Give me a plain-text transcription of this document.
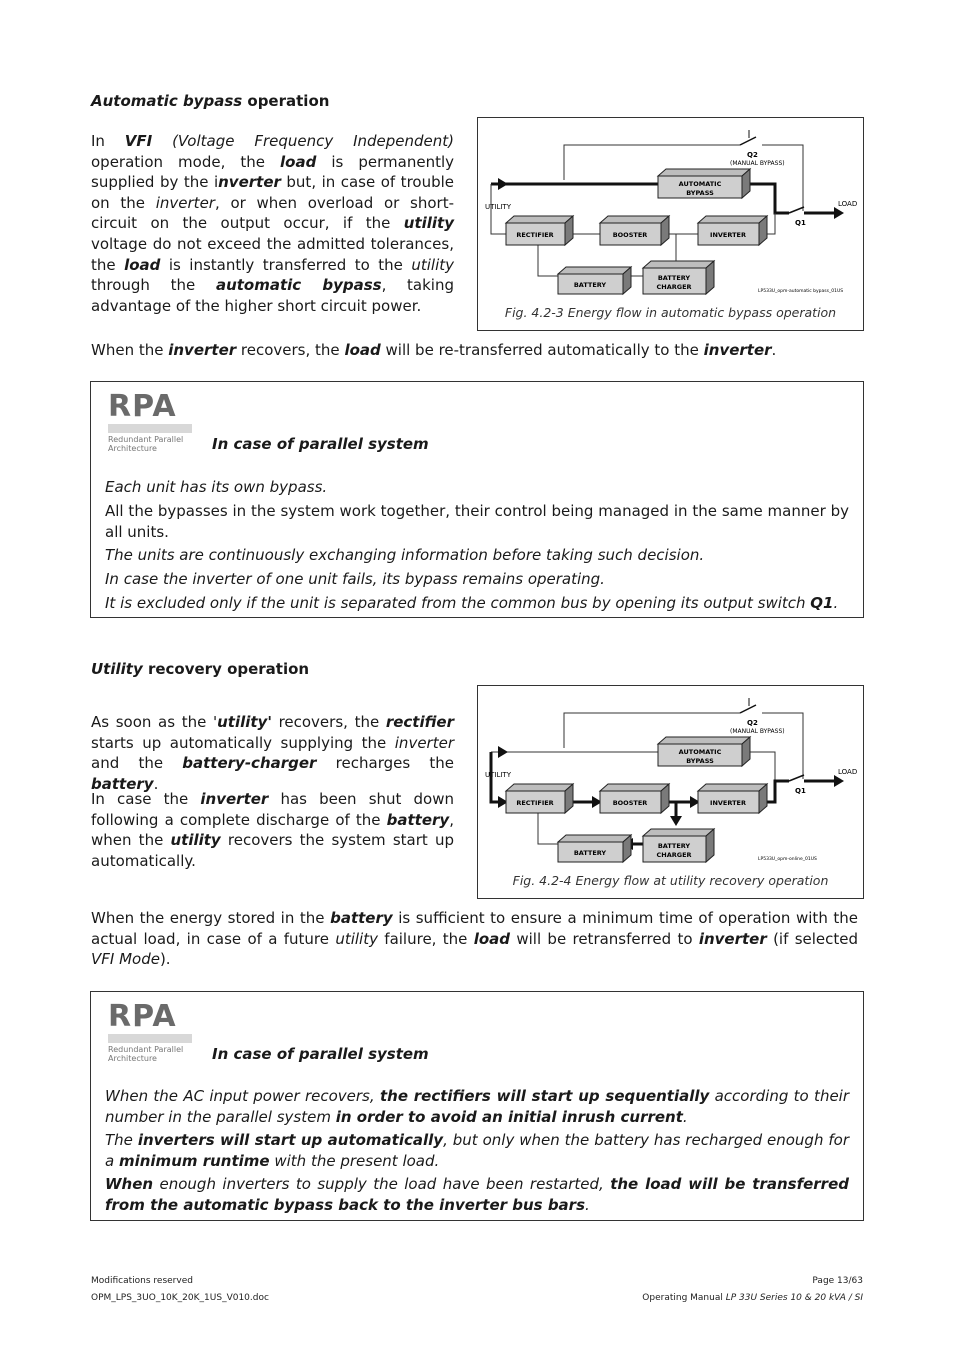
Automatic bypass operation
In VFI (Voltage Frequency Independent) operation mode, the load is permanently supplied by the inverter but, in case of trouble on the inverter, or when overload or short-circuit on the output occur, if the utility voltage do not exceed the admitted tolerances, the load is instantly transferred to the utility through the automatic bypass, taking advantage of the higher short circuit power.
Q2
(MANUAL BYPASS)
UTILITY	LOAD
Q1
AUTOMATIC
BYPASS
RECTIFIER	BOOSTER	INVERTER
BATTERY
BATTERY
CHARGER
LP533U_opm-automatic bypass_01US
Fig. 4.2-3 Energy flow in automatic bypass operation
When the inverter recovers, the load will be re-transferred automatically to the inverter.
RPA
Redundant Parallel
Architecture	In case of parallel system
Each unit has its own bypass.
All the bypasses in the system work together, their control being managed in the same manner by all units.
The units are continuously exchanging information before taking such decision.
In case the inverter of one unit fails, its bypass remains operating.
It is excluded only if the unit is separated from the common bus by opening its output switch Q1.
Utility recovery operation
As soon as the 'utility' recovers, the rectifier starts up automatically supplying the inverter and the battery-charger recharges the battery.
In case the inverter has been shut down following a complete discharge of the battery, when the utility recovers the system start up automatically.
Q2
(MANUAL BYPASS)
UTILITY	LOAD
Q1
AUTOMATIC
BYPASS
RECTIFIER	BOOSTER	INVERTER
BATTERY
BATTERY
CHARGER
LP533U_opm-online_01US
Fig. 4.2-4 Energy flow at utility recovery operation
When the energy stored in the battery is sufficient to ensure a minimum time of operation with the actual load, in case of a future utility failure, the load will be retransferred to inverter (if selected VFI Mode).
RPA
Redundant Parallel
Architecture	In case of parallel system
When the AC input power recovers, the rectifiers will start up sequentially according to their number in the parallel system in order to avoid an initial inrush current.
The inverters will start up automatically, but only when the battery has recharged enough for a minimum runtime with the present load.
When enough inverters to supply the load have been restarted, the load will be transferred from the automatic bypass back to the inverter bus bars.
Modifications reserved
OPM_LPS_3UO_10K_20K_1US_V010.doc
Page 13/63
Operating Manual LP 33U Series 10 & 20 kVA / SI
